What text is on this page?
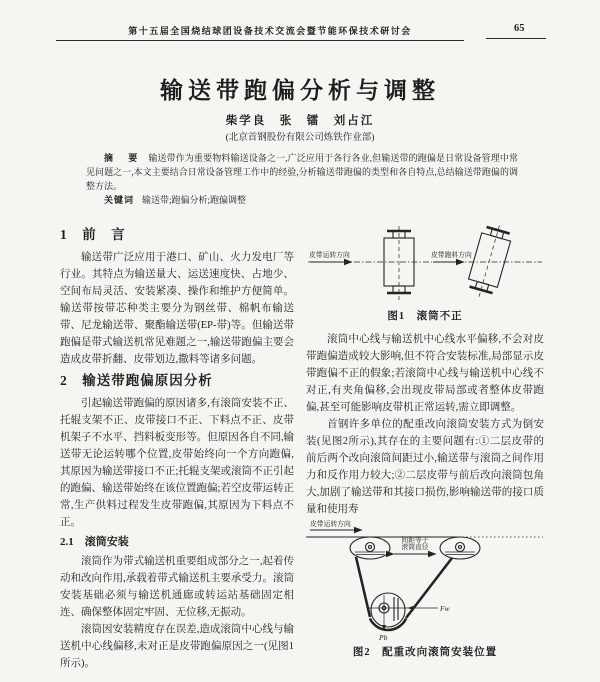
第十五届全国烧结球团设备技术交流会暨节能环保技术研讨会	65
输送带跑偏分析与调整
柴学良　张　镭　刘占江
(北京首钢股份有限公司炼铁作业部)

摘　要 输送带作为重要物料输送设备之一,广泛应用于各行各业,但输送带的跑偏是日常设备管理中常见问题之一,本文主要结合日常设备管理工作中的经验,分析输送带跑偏的类型和各自特点,总结输送带跑偏的调整方法。

关键词 输送带;跑偏分析;跑偏调整

1　前　言

输送带广泛应用于港口、矿山、火力发电厂等行业。其特点为输送量大、运送速度快、占地少、空间布局灵活、安装紧凑、操作和维护方便简单。输送带按带芯种类主要分为钢丝带、棉帆布输送带、尼龙输送带、聚酯输送带(EP-带)等。但输送带跑偏是带式输送机常见难题之一,输送带跑偏主要会造成皮带折翻、皮带划边,撒料等诸多问题。

2　输送带跑偏原因分析

引起输送带跑偏的原因诸多,有滚筒安装不正、托辊支架不正、皮带接口不正、下料点不正、皮带机架子不水平、挡料板变形等。但原因各自不同,输送带无论运转哪个位置,皮带始终向一个方向跑偏,其原因为输送带接口不正;托辊支架或滚筒不正引起的跑偏、输送带始终在该位置跑偏;若空皮带运转正常,生产供料过程发生皮带跑偏,其原因为下料点不正。

2.1　滚筒安装

滚筒作为带式输送机重要组成部分之一,起着传动和改向作用,承载着带式输送机主要承受力。滚筒安装基础必须与输送机通廊或转运站基础固定相连、确保整体固定牢固、无位移,无振动。

滚筒因安装精度存在误差,造成滚筒中心线与输送机中心线偏移,未对正是皮带跑偏原因之一(见图1所示)。

皮带运转方向	皮带跑料方向
图1　滚筒不正

滚筒中心线与输送机中心线水平偏移,不会对皮带跑偏造成较大影响,但不符合安装标准,局部显示皮带跑偏不正的假象;若滚筒中心线与输送机中心线不对正,有夹角偏移,会出现皮带局部或者整体皮带跑偏,甚至可能影响皮带机正常运转,需立即调整。

首钢许多单位的配重改向滚筒安装方式为倒安装(见图2所示),其存在的主要问题有:①二层皮带的前后两个改向滚筒间距过小,输送带与滚筒之间作用力和反作用力较大;②二层皮带与前后改向滚筒包角大,加剧了输送带和其接口损伤,影响输送带的接口质量和使用寿

皮带运转方向
间距等于
滚筒直径
Fw
Pb
图2　配重改向滚筒安装位置
